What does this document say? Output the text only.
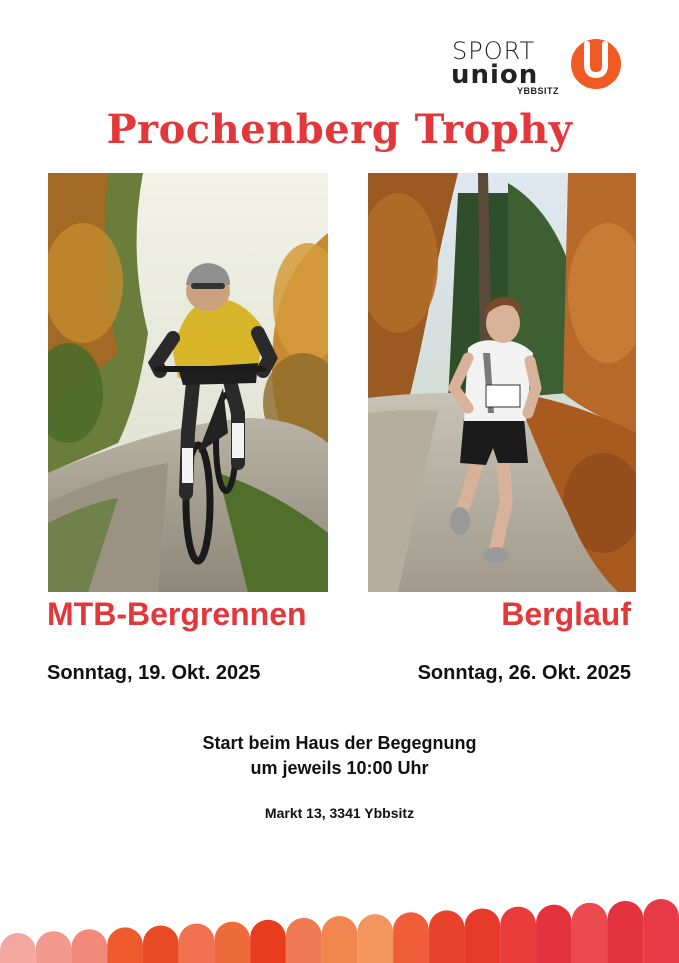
SPORT
union
YBBSITZ
Prochenberg Trophy
MTB-Bergrennen	Berglauf
Sonntag, 19. Okt. 2025	Sonntag, 26. Okt. 2025
Start beim Haus der Begegnung
um jeweils 10:00 Uhr
Markt 13, 3341 Ybbsitz
